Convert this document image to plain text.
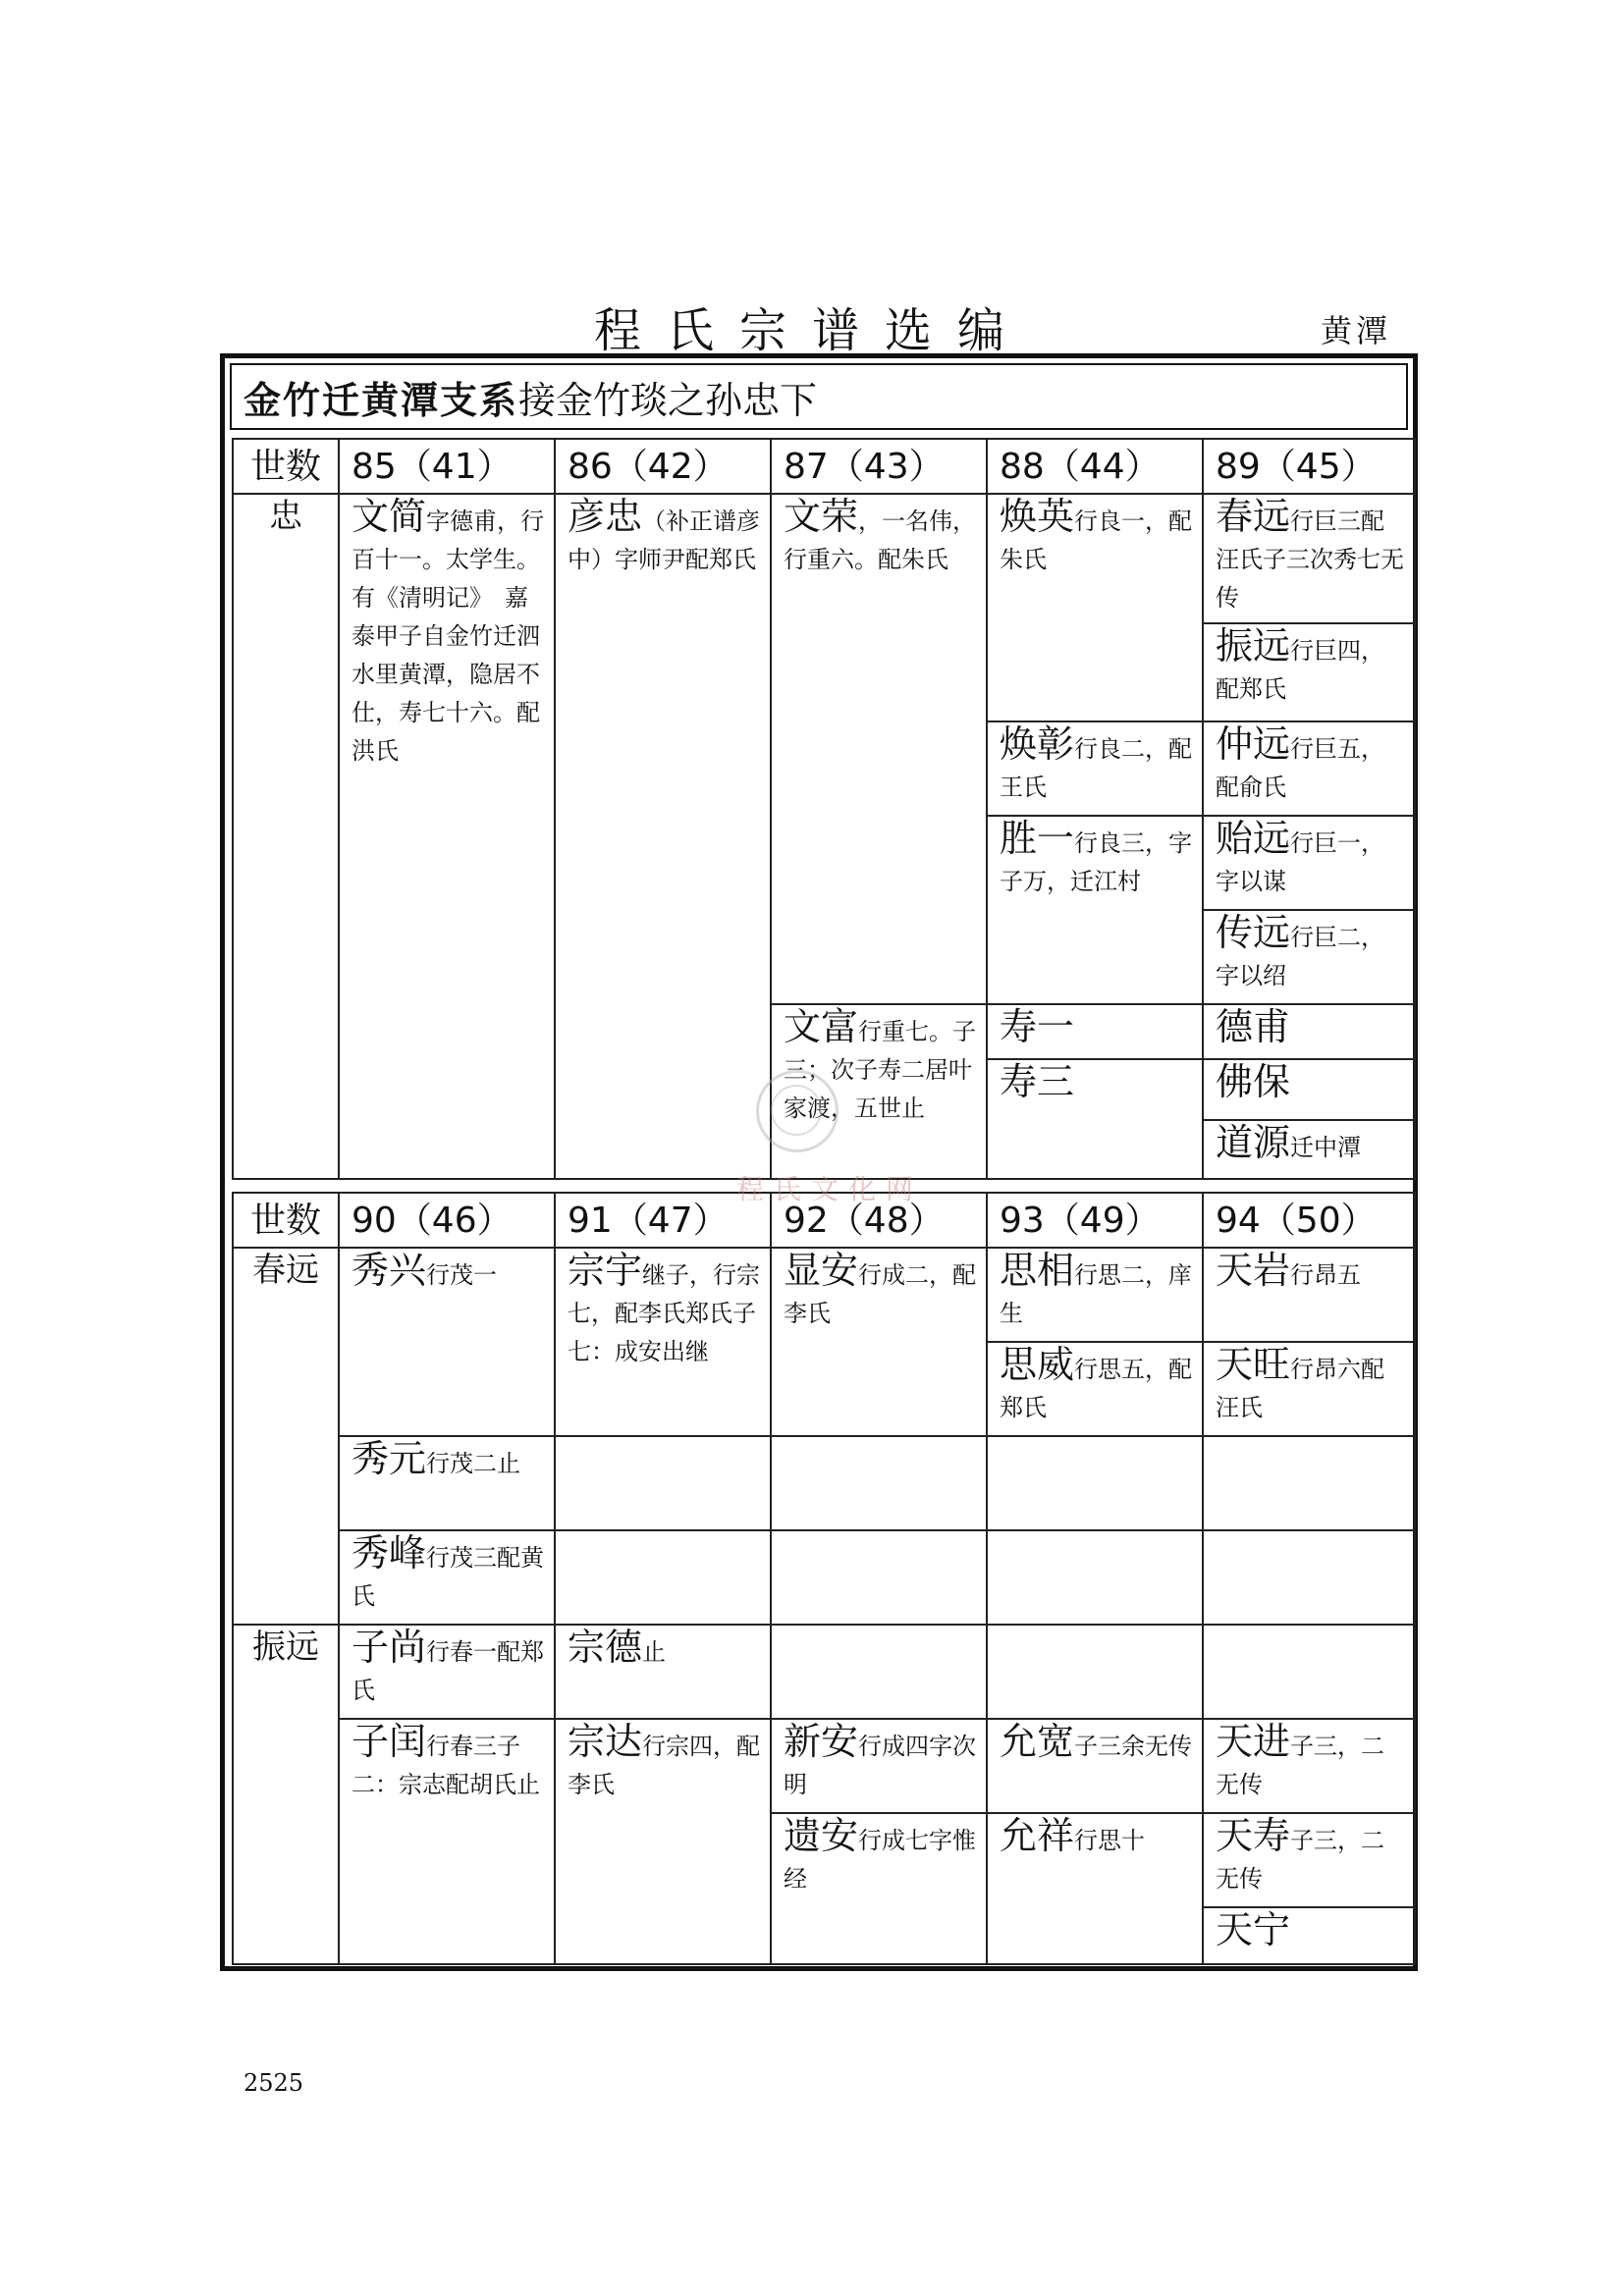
程氏宗谱选编	黄潭
金竹迁黄潭支系 接金竹琰之孙忠下
世数	85（41）	86（42）	87（43）	88（44）	89（45）
忠	文简字德甫，行百十一。太学生。有《清明记》　嘉泰甲子自金竹迁泗水里黄潭，隐居不仕，寿七十六。配洪氏	彦忠（补正谱彦中）字师尹配郑氏	文荣，一名伟，行重六。配朱氏	焕英行良一，配朱氏	春远行巨三配汪氏子三次秀七无传
					振远行巨四，配郑氏
				焕彰行良二，配王氏	仲远行巨五，配俞氏
				胜一行良三，字子万，迁江村	贻远行巨一，字以谋
					传远行巨二，字以绍
			文富行重七。子三；次子寿二居叶家渡，五世止	寿一	德甫
				寿三	佛保
					道源迁中潭
世数	90（46）	91（47）	92（48）	93（49）	94（50）
春远	秀兴行茂一	宗宇继子，行宗七，配李氏郑氏子七：成安出继	显安行成二，配李氏	思相行思二，庠生	天岩行昂五
				思威行思五，配郑氏	天旺行昂六配汪氏
	秀元行茂二止				
	秀峰行茂三配黄氏				
振远	子尚行春一配郑氏	宗德止			
	子闰行春三子二：宗志配胡氏止	宗达行宗四，配李氏	新安行成四字次明	允宽子三余无传	天进子三，二无传
			遗安行成七字惟经	允祥行思十	天寿子三，二无传
					天宁
程氏文化网
2525
